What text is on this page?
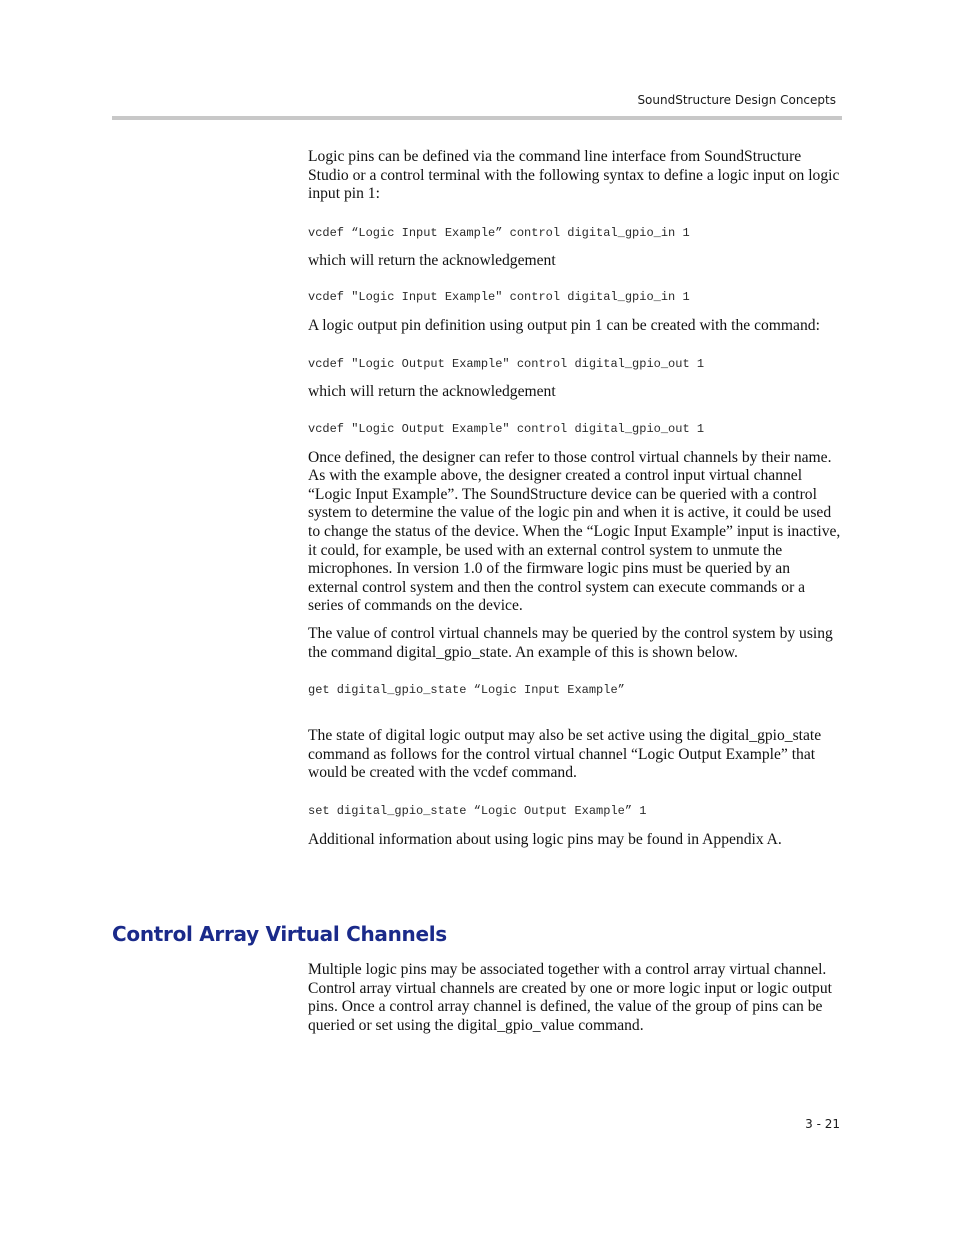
SoundStructure Design Concepts

Logic pins can be defined via the command line interface from SoundStructure Studio or a control terminal with the following syntax to define a logic input on logic input pin 1:

vcdef “Logic Input Example” control digital_gpio_in 1

which will return the acknowledgement

vcdef "Logic Input Example" control digital_gpio_in 1

A logic output pin definition using output pin 1 can be created with the command:

vcdef "Logic Output Example" control digital_gpio_out 1

which will return the acknowledgement

vcdef "Logic Output Example" control digital_gpio_out 1

Once defined, the designer can refer to those control virtual channels by their name. As with the example above, the designer created a control input virtual channel “Logic Input Example”. The SoundStructure device can be queried with a control system to determine the value of the logic pin and when it is active, it could be used to change the status of the device. When the “Logic Input Example” input is inactive, it could, for example, be used with an external control system to unmute the microphones. In version 1.0 of the firmware logic pins must be queried by an external control system and then the control system can execute commands or a series of commands on the device.

The value of control virtual channels may be queried by the control system by using the command digital_gpio_state. An example of this is shown below.

get digital_gpio_state “Logic Input Example”

The state of digital logic output may also be set active using the digital_gpio_state command as follows for the control virtual channel “Logic Output Example” that would be created with the vcdef command.

set digital_gpio_state “Logic Output Example” 1

Additional information about using logic pins may be found in Appendix A.

Control Array Virtual Channels

Multiple logic pins may be associated together with a control array virtual channel. Control array virtual channels are created by one or more logic input or logic output pins. Once a control array channel is defined, the value of the group of pins can be queried or set using the digital_gpio_value command.

3 - 21
